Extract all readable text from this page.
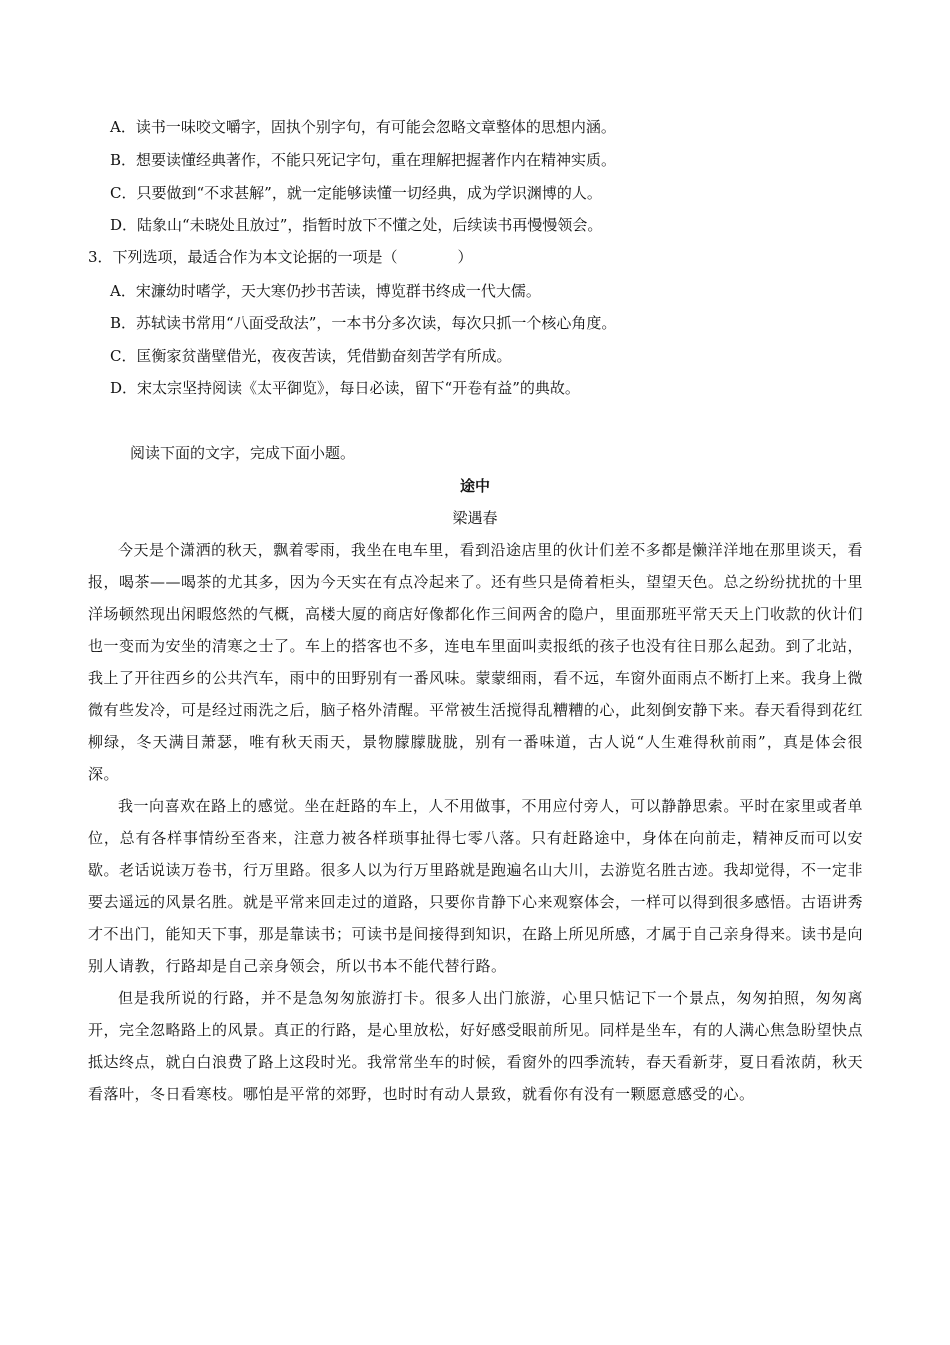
A．读书一味咬文嚼字，固执个别字句，有可能会忽略文章整体的思想内涵。
B．想要读懂经典著作，不能只死记字句，重在理解把握著作内在精神实质。
C．只要做到“不求甚解”，就一定能够读懂一切经典，成为学识渊博的人。
D．陆象山“未晓处且放过”，指暂时放下不懂之处，后续读书再慢慢领会。
3．下列选项，最适合作为本文论据的一项是（	）
A．宋濂幼时嗜学，天大寒仍抄书苦读，博览群书终成一代大儒。
B．苏轼读书常用“八面受敌法”，一本书分多次读，每次只抓一个核心角度。
C．匡衡家贫凿壁借光，夜夜苦读，凭借勤奋刻苦学有所成。
D．宋太宗坚持阅读《太平御览》，每日必读，留下“开卷有益”的典故。
阅读下面的文字，完成下面小题。
途中
梁遇春

今天是个潇洒的秋天，飘着零雨，我坐在电车里，看到沿途店里的伙计们差不多都是懒洋洋地在那里谈天，看报，喝茶——喝茶的尤其多，因为今天实在有点冷起来了。还有些只是倚着柜头，望望天色。总之纷纷扰扰的十里洋场顿然现出闲暇悠然的气概，高楼大厦的商店好像都化作三间两舍的隐户，里面那班平常天天上门收款的伙计们也一变而为安坐的清寒之士了。车上的搭客也不多，连电车里面叫卖报纸的孩子也没有往日那么起劲。到了北站，我上了开往西乡的公共汽车，雨中的田野别有一番风味。蒙蒙细雨，看不远，车窗外面雨点不断打上来。我身上微微有些发冷，可是经过雨洗之后，脑子格外清醒。平常被生活搅得乱糟糟的心，此刻倒安静下来。春天看得到花红柳绿，冬天满目萧瑟，唯有秋天雨天，景物朦朦胧胧，别有一番味道，古人说“人生难得秋前雨”，真是体会很深。

我一向喜欢在路上的感觉。坐在赶路的车上，人不用做事，不用应付旁人，可以静静思索。平时在家里或者单位，总有各样事情纷至沓来，注意力被各样琐事扯得七零八落。只有赶路途中，身体在向前走，精神反而可以安歇。老话说读万卷书，行万里路。很多人以为行万里路就是跑遍名山大川，去游览名胜古迹。我却觉得，不一定非要去遥远的风景名胜。就是平常来回走过的道路，只要你肯静下心来观察体会，一样可以得到很多感悟。古语讲秀才不出门，能知天下事，那是靠读书；可读书是间接得到知识，在路上所见所感，才属于自己亲身得来。读书是向别人请教，行路却是自己亲身领会，所以书本不能代替行路。

但是我所说的行路，并不是急匆匆旅游打卡。很多人出门旅游，心里只惦记下一个景点，匆匆拍照，匆匆离开，完全忽略路上的风景。真正的行路，是心里放松，好好感受眼前所见。同样是坐车，有的人满心焦急盼望快点抵达终点，就白白浪费了路上这段时光。我常常坐车的时候，看窗外的四季流转，春天看新芽，夏日看浓荫，秋天看落叶，冬日看寒枝。哪怕是平常的郊野，也时时有动人景致，就看你有没有一颗愿意感受的心。
